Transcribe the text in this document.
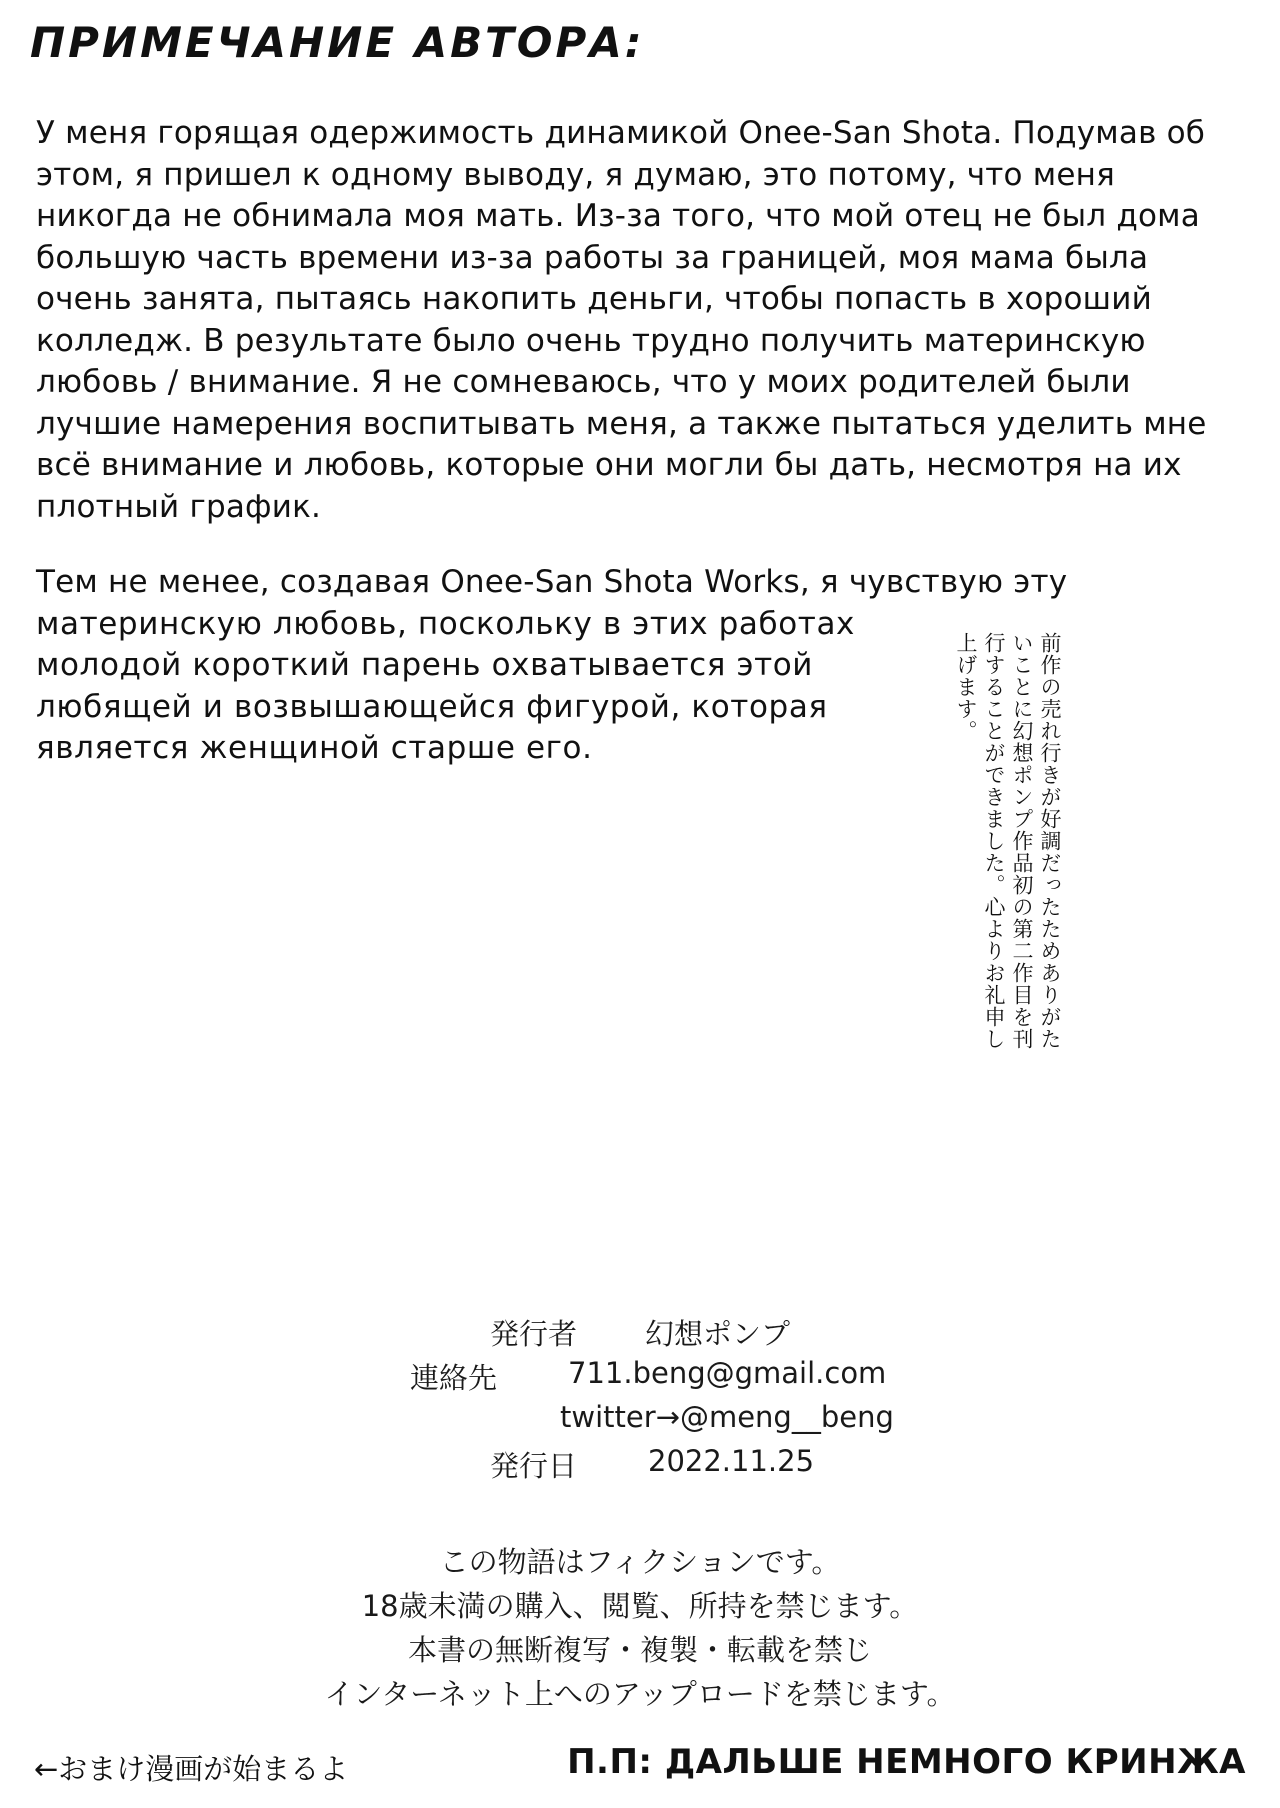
ПРИМЕЧАНИЕ АВТОРА:

У меня горящая одержимость динамикой Onee-San Shota. Подумав об этом, я пришел к одному выводу, я думаю, это потому, что меня никогда не обнимала моя мать. Из-за того, что мой отец не был дома большую часть времени из-за работы за границей, моя мама была очень занята, пытаясь накопить деньги, чтобы попасть в хороший колледж. В результате было очень трудно получить материнскую любовь / внимание. Я не сомневаюсь, что у моих родителей были лучшие намерения воспитывать меня, а также пытаться уделить мне всё внимание и любовь, которые они могли бы дать, несмотря на их плотный график.

Тем не менее, создавая Onee-San Shota Works, я чувствую эту
материнскую любовь, поскольку в этих работах
молодой короткий парень охватывается этой
любящей и возвышающейся фигурой, которая
является женщиной старше его.	前作の売れ行きが好調だったためありがたいことに幻想ポンプ作品初の第二作目を刊行することができました。心よりお礼申し上げます。

発行者 幻想ポンプ
連絡先 711.beng@gmail.com
twitter→@meng__beng
発行日 2022.11.25
この物語はフィクションです。
18歳未満の購入、閲覧、所持を禁じます。
本書の無断複写・複製・転載を禁じ
インターネット上へのアップロードを禁じます。
←おまけ漫画が始まるよ	П.П: ДАЛЬШЕ НЕМНОГО КРИНЖА
